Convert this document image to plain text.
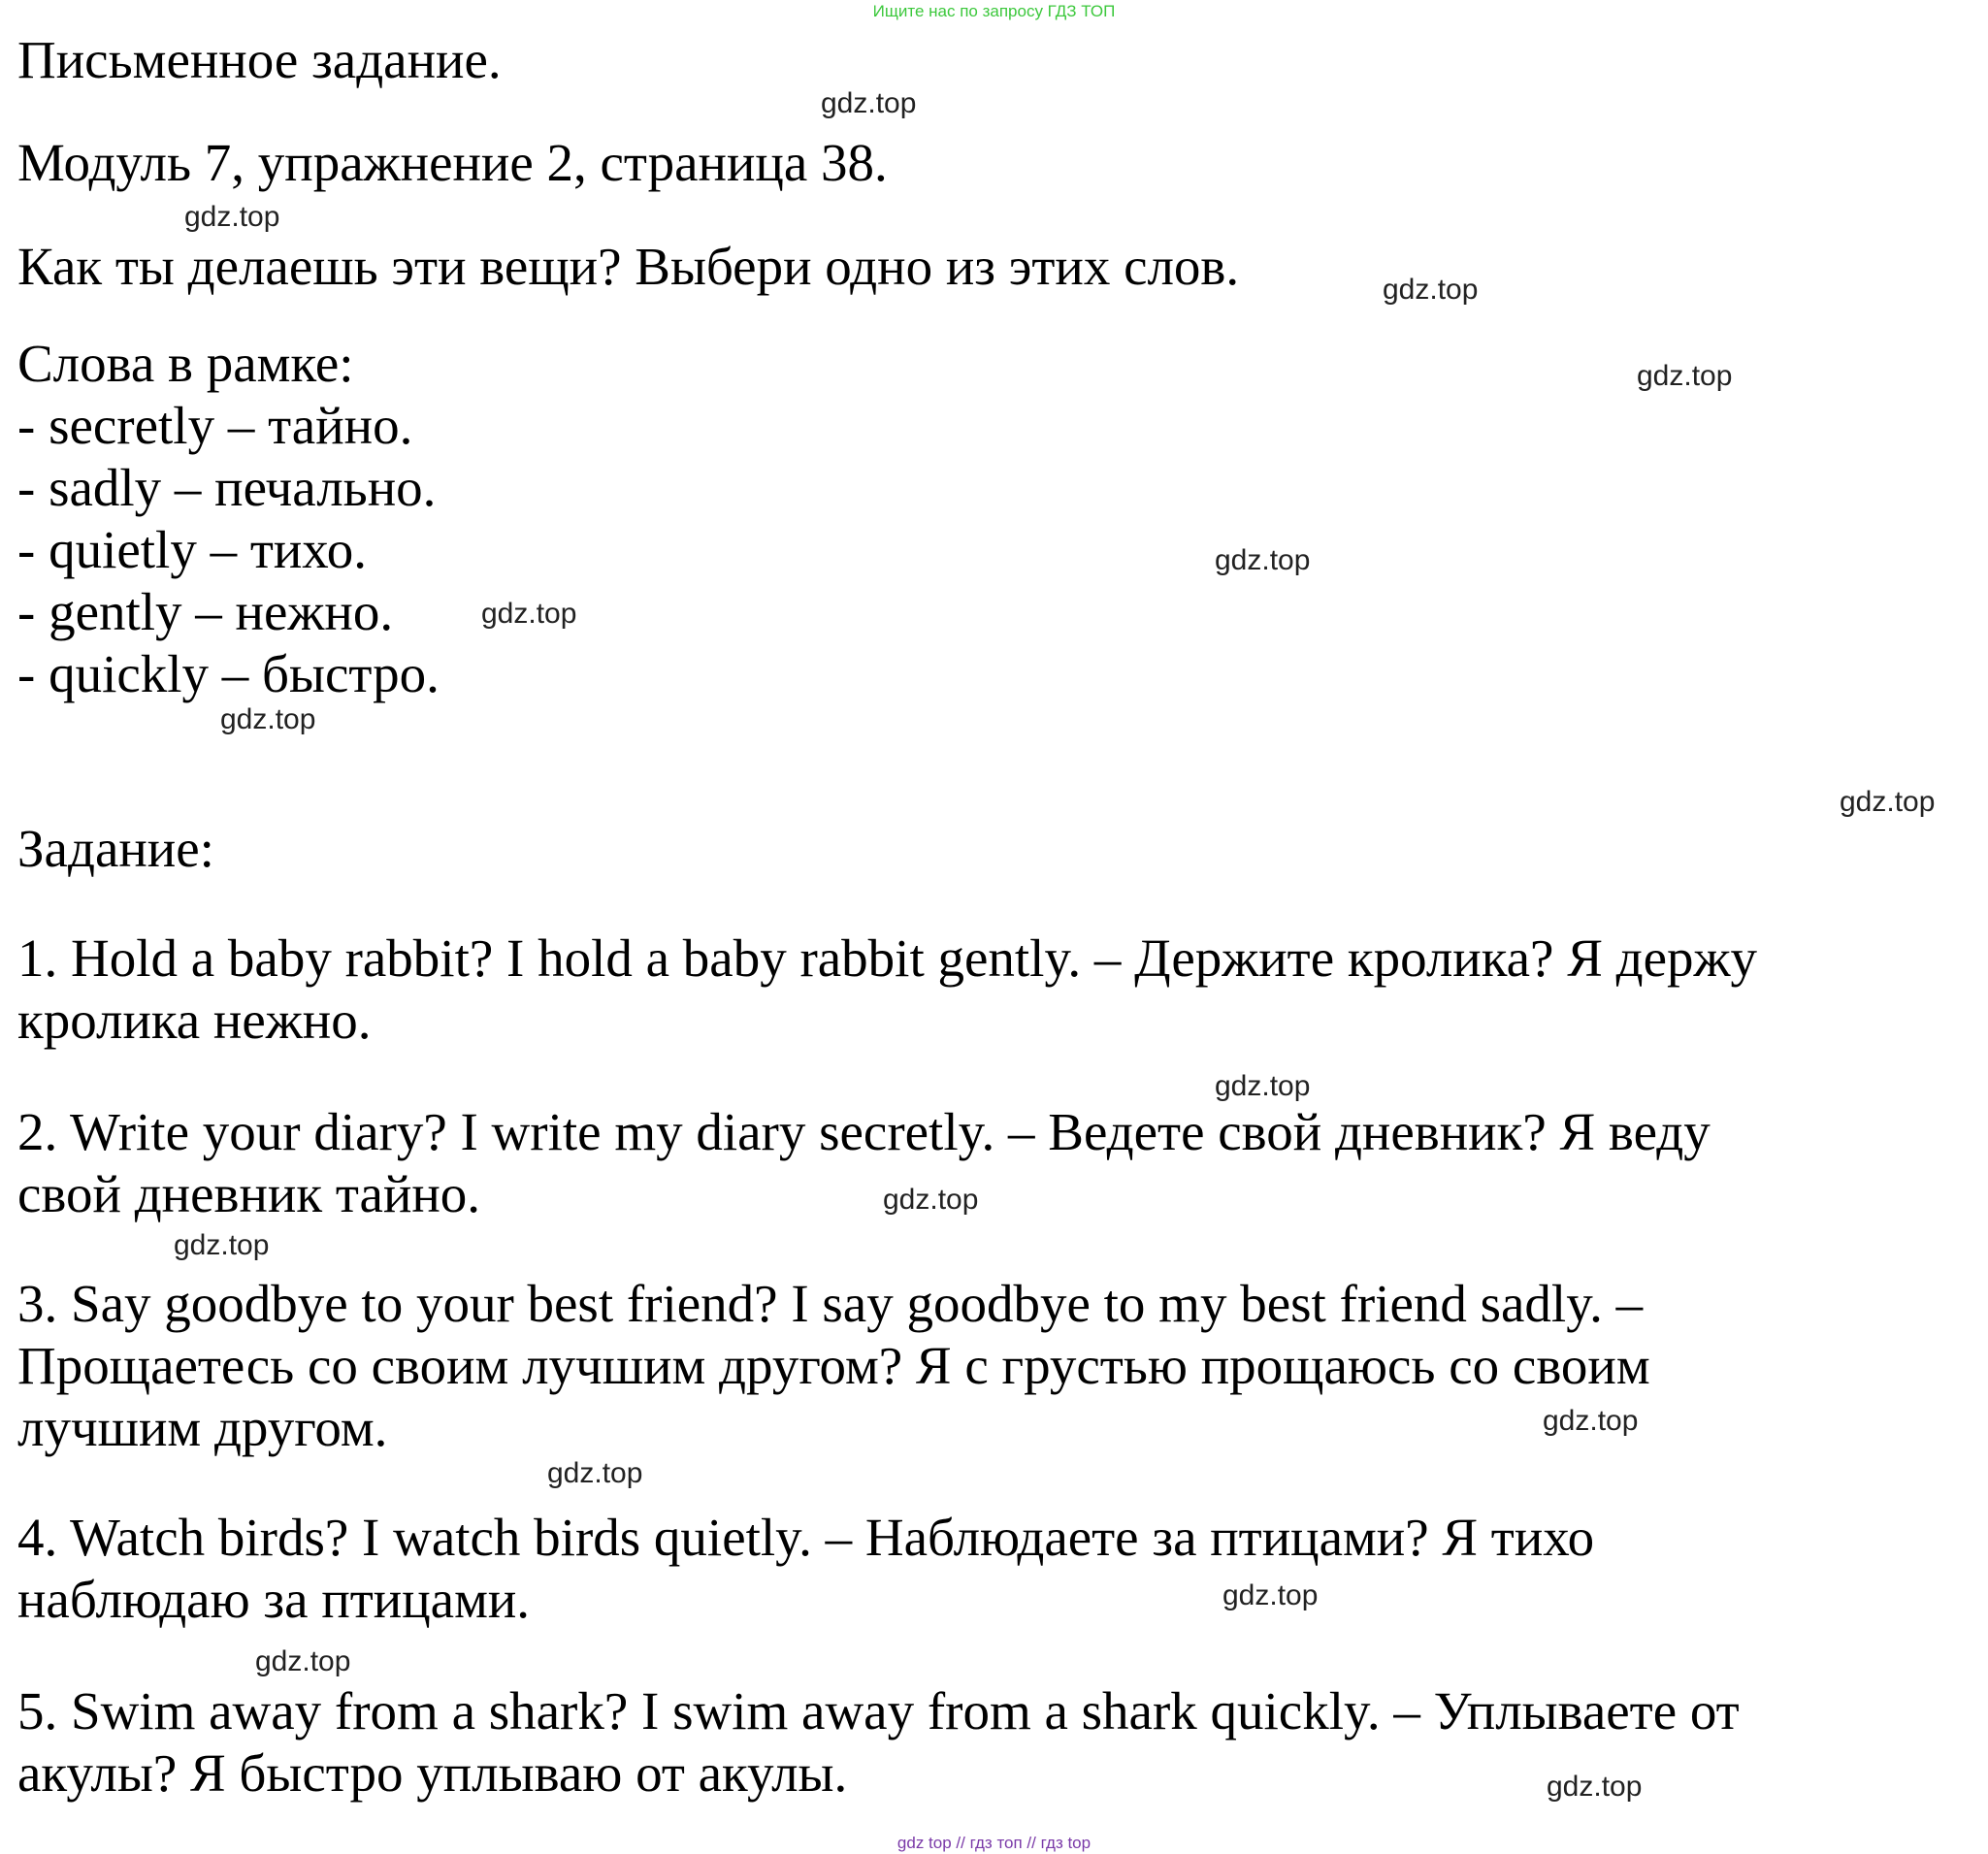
Ищите нас по запросу ГДЗ ТОП
Письменное задание.
Модуль 7, упражнение 2, страница 38.
Как ты делаешь эти вещи? Выбери одно из этих слов.
Слова в рамке:
- secretly – тайно.
- sadly – печально.
- quietly – тихо.
- gently – нежно.
- quickly – быстро.
Задание:
1. Hold a baby rabbit? I hold a baby rabbit gently. – Держите кролика? Я держу
кролика нежно.
2. Write your diary? I write my diary secretly. – Ведете свой дневник? Я веду
свой дневник тайно.
3. Say goodbye to your best friend? I say goodbye to my best friend sadly. –
Прощаетесь со своим лучшим другом? Я с грустью прощаюсь со своим
лучшим другом.
4. Watch birds? I watch birds quietly. – Наблюдаете за птицами? Я тихо
наблюдаю за птицами.
5. Swim away from a shark? I swim away from a shark quickly. – Уплываете от
акулы? Я быстро уплываю от акулы.
gdz.top
gdz.top
gdz.top
gdz.top
gdz.top
gdz.top
gdz.top
gdz.top
gdz.top
gdz.top
gdz.top
gdz.top
gdz.top
gdz.top
gdz.top
gdz.top
gdz top // гдз топ // гдз top
